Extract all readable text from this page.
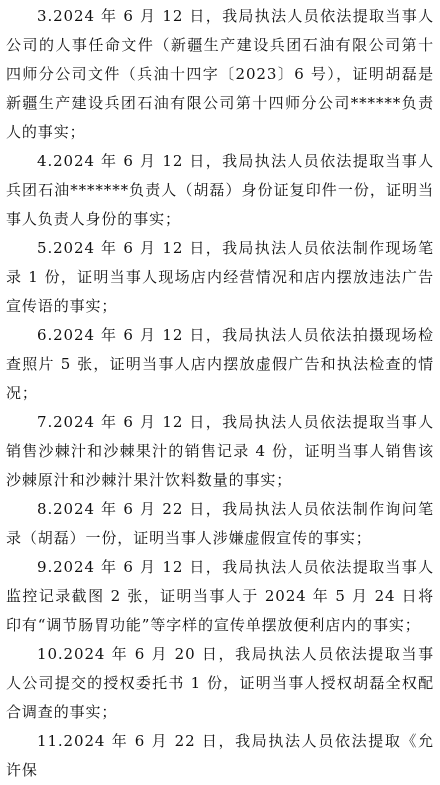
3.2024 年 6 月 12 日，我局执法人员依法提取当事人公司的人事任命文件（新疆生产建设兵团石油有限公司第十四师分公司文件（兵油十四字〔2023〕6 号），证明胡磊是新疆生产建设兵团石油有限公司第十四师分公司******负责人的事实；

4.2024 年 6 月 12 日，我局执法人员依法提取当事人兵团石油*******负责人（胡磊）身份证复印件一份，证明当事人负责人身份的事实；

5.2024 年 6 月 12 日，我局执法人员依法制作现场笔录 1 份，证明当事人现场店内经营情况和店内摆放违法广告宣传语的事实；

6.2024 年 6 月 12 日，我局执法人员依法拍摄现场检查照片 5 张，证明当事人店内摆放虚假广告和执法检查的情况；

7.2024 年 6 月 12 日，我局执法人员依法提取当事人销售沙棘汁和沙棘果汁的销售记录 4 份，证明当事人销售该沙棘原汁和沙棘汁果汁饮料数量的事实；

8.2024 年 6 月 22 日，我局执法人员依法制作询问笔录（胡磊）一份，证明当事人涉嫌虚假宣传的事实；

9.2024 年 6 月 12 日，我局执法人员依法提取当事人监控记录截图 2 张，证明当事人于 2024 年 5 月 24 日将印有“调节肠胃功能”等字样的宣传单摆放便利店内的事实；

10.2024 年 6 月 20 日，我局执法人员依法提取当事人公司提交的授权委托书 1 份，证明当事人授权胡磊全权配合调查的事实；

11.2024 年 6 月 22 日，我局执法人员依法提取《允许保
